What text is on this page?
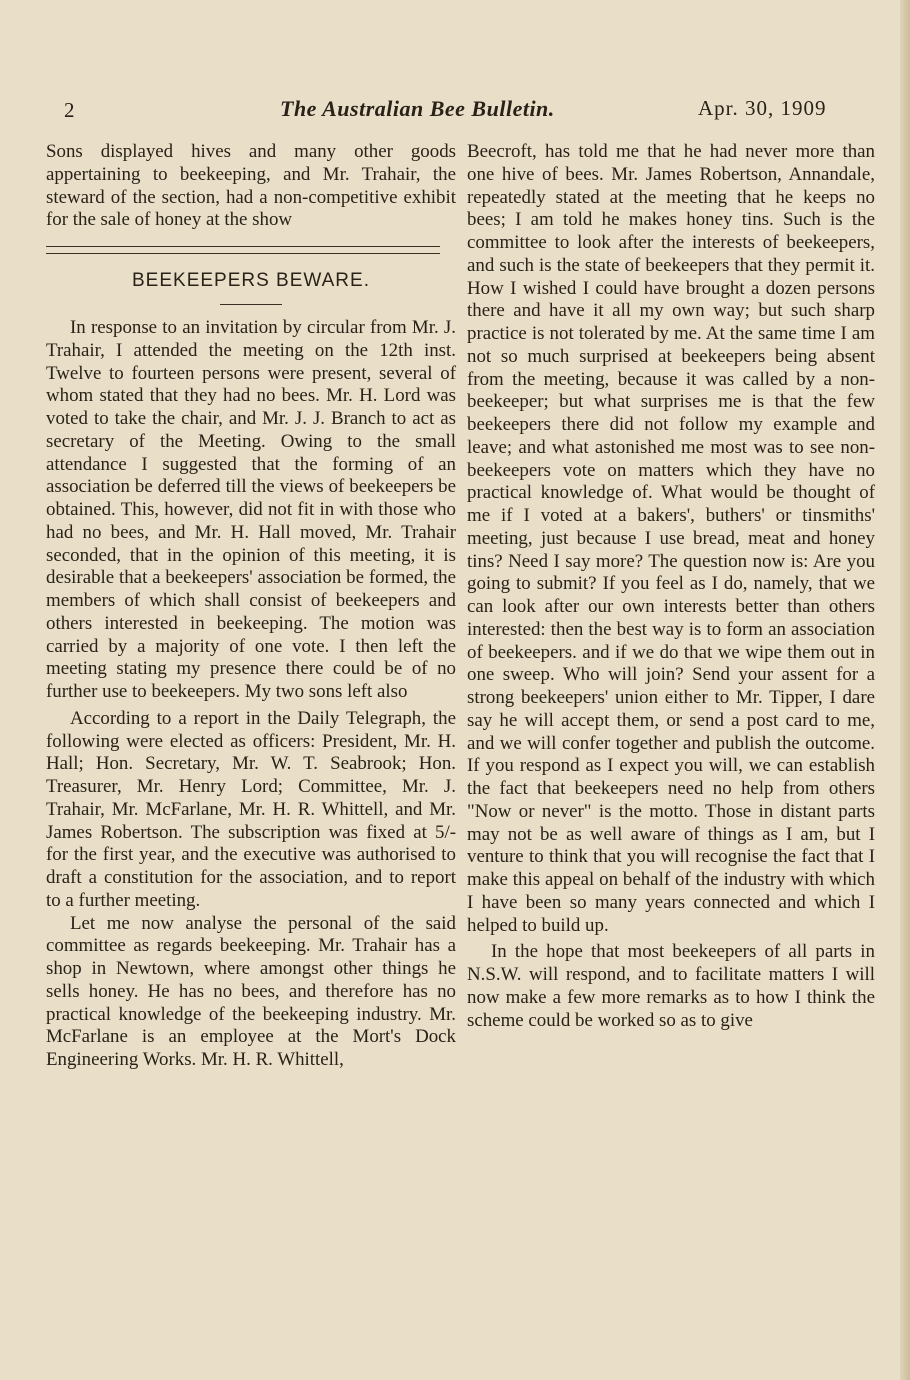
2	The Australian Bee Bulletin.	Apr. 30, 1909

Sons displayed hives and many other goods appertaining to beekeeping, and Mr. Trahair, the steward of the section, had a non-competitive exhibit for the sale of honey at the show

BEEKEEPERS BEWARE.

In response to an invitation by circular from Mr. J. Trahair, I attended the meeting on the 12th inst. Twelve to fourteen persons were present, several of whom stated that they had no bees. Mr. H. Lord was voted to take the chair, and Mr. J. J. Branch to act as secretary of the Meeting. Owing to the small attendance I suggested that the forming of an association be deferred till the views of beekeepers be obtained. This, however, did not fit in with those who had no bees, and Mr. H. Hall moved, Mr. Trahair seconded, that in the opinion of this meeting, it is desirable that a beekeepers' association be formed, the members of which shall consist of beekeepers and others interested in beekeeping. The motion was carried by a majority of one vote. I then left the meeting stating my presence there could be of no further use to beekeepers. My two sons left also

According to a report in the Daily Telegraph, the following were elected as officers: President, Mr. H. Hall; Hon. Secretary, Mr. W. T. Seabrook; Hon. Treasurer, Mr. Henry Lord; Committee, Mr. J. Trahair, Mr. McFarlane, Mr. H. R. Whittell, and Mr. James Robertson. The subscription was fixed at 5/- for the first year, and the executive was authorised to draft a constitution for the association, and to report to a further meeting.

Let me now analyse the personal of the said committee as regards beekeeping. Mr. Trahair has a shop in Newtown, where amongst other things he sells honey. He has no bees, and therefore has no practical knowledge of the beekeeping industry. Mr. McFarlane is an employee at the Mort's Dock Engineering Works. Mr. H. R. Whittell,

Beecroft, has told me that he had never more than one hive of bees. Mr. James Robertson, Annandale, repeatedly stated at the meeting that he keeps no bees; I am told he makes honey tins. Such is the committee to look after the interests of beekeepers, and such is the state of beekeepers that they permit it. How I wished I could have brought a dozen persons there and have it all my own way; but such sharp practice is not tolerated by me. At the same time I am not so much surprised at beekeepers being absent from the meeting, because it was called by a non-beekeeper; but what surprises me is that the few beekeepers there did not follow my example and leave; and what astonished me most was to see non-beekeepers vote on matters which they have no practical knowledge of. What would be thought of me if I voted at a bakers', buthers' or tinsmiths' meeting, just because I use bread, meat and honey tins? Need I say more? The question now is: Are you going to submit? If you feel as I do, namely, that we can look after our own interests better than others interested: then the best way is to form an association of beekeepers. and if we do that we wipe them out in one sweep. Who will join? Send your assent for a strong beekeepers' union either to Mr. Tipper, I dare say he will accept them, or send a post card to me, and we will confer together and publish the outcome. If you respond as I expect you will, we can establish the fact that beekeepers need no help from others "Now or never" is the motto. Those in distant parts may not be as well aware of things as I am, but I venture to think that you will recognise the fact that I make this appeal on behalf of the industry with which I have been so many years connected and which I helped to build up.

In the hope that most beekeepers of all parts in N.S.W. will respond, and to facilitate matters I will now make a few more remarks as to how I think the scheme could be worked so as to give
